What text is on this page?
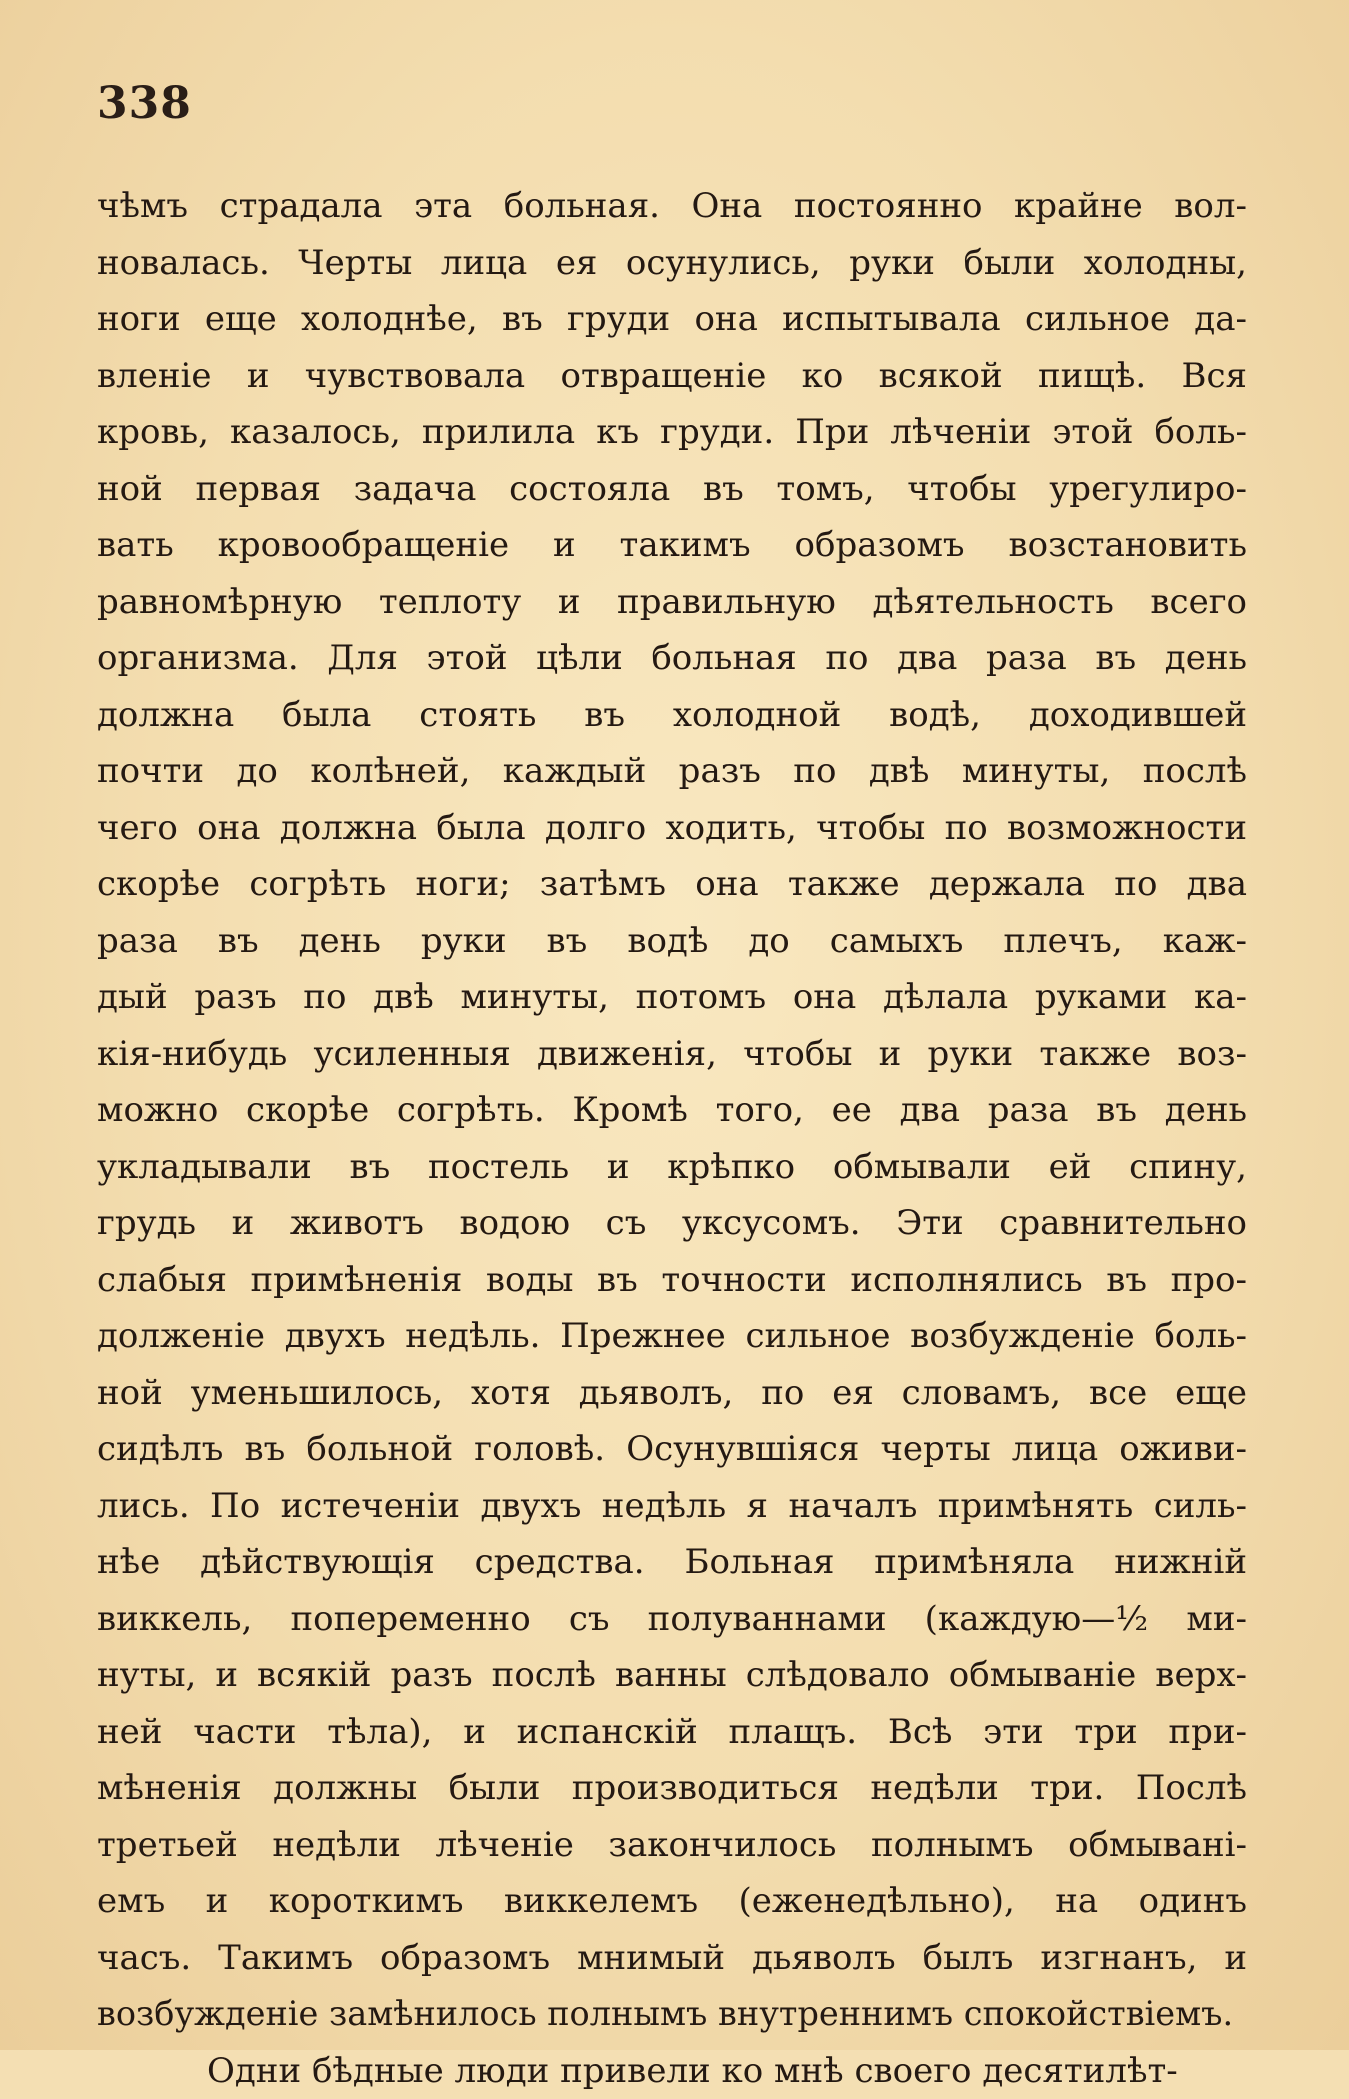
338
чѣмъ страдала эта больная. Она постоянно крайне вол-
новалась. Черты лица ея осунулись, руки были холодны,
ноги еще холоднѣе, въ груди она испытывала сильное да-
вленіе и чувствовала отвращеніе ко всякой пищѣ. Вся
кровь, казалось, прилила къ груди. При лѣченіи этой боль-
ной первая задача состояла въ томъ, чтобы урегулиро-
вать кровообращеніе и такимъ образомъ возстановить
равномѣрную теплоту и правильную дѣятельность всего
организма. Для этой цѣли больная по два раза въ день
должна была стоять въ холодной водѣ, доходившей
почти до колѣней, каждый разъ по двѣ минуты, послѣ
чего она должна была долго ходить, чтобы по возможности
скорѣе согрѣть ноги; затѣмъ она также держала по два
раза въ день руки въ водѣ до самыхъ плечъ, каж-
дый разъ по двѣ минуты, потомъ она дѣлала руками ка-
кія-нибудь усиленныя движенія, чтобы и руки также воз-
можно скорѣе согрѣть. Кромѣ того, ее два раза въ день
укладывали въ постель и крѣпко обмывали ей спину,
грудь и животъ водою съ уксусомъ. Эти сравнительно
слабыя примѣненія воды въ точности исполнялись въ про-
долженіе двухъ недѣль. Прежнее сильное возбужденіе боль-
ной уменьшилось, хотя дьяволъ, по ея словамъ, все еще
сидѣлъ въ больной головѣ. Осунувшіяся черты лица оживи-
лись. По истеченіи двухъ недѣль я началъ примѣнять силь-
нѣе дѣйствующія средства. Больная примѣняла нижній
виккель, попеременно съ полуваннами (каждую—½ ми-
нуты, и всякій разъ послѣ ванны слѣдовало обмываніе верх-
ней части тѣла), и испанскій плащъ. Всѣ эти три при-
мѣненія должны были производиться недѣли три. Послѣ
третьей недѣли лѣченіе закончилось полнымъ обмывані-
емъ и короткимъ виккелемъ (еженедѣльно), на одинъ
часъ. Такимъ образомъ мнимый дьяволъ былъ изгнанъ, и
возбужденіе замѣнилось полнымъ внутреннимъ спокойствіемъ.
Одни бѣдные люди привели ко мнѣ своего десятилѣт-
